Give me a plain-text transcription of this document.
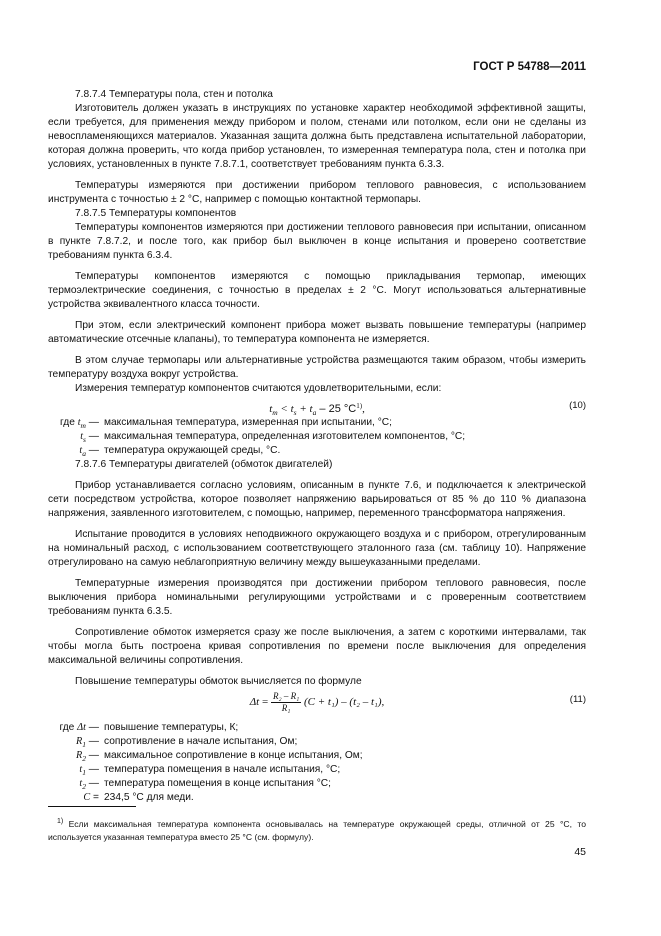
ГОСТ Р 54788—2011

7.8.7.4 Температуры пола, стен и потолка

Изготовитель должен указать в инструкциях по установке характер необходимой эффективной защиты, если требуется, для применения между прибором и полом, стенами или потолком, если они не сделаны из невоспламеняющихся материалов. Указанная защита должна быть представлена испытательной лаборатории, которая должна проверить, что когда прибор установлен, то измеренная температура пола, стен и потолка при условиях, установленных в пункте 7.8.7.1, соответствует требованиям пункта 6.3.3.

Температуры измеряются при достижении прибором теплового равновесия, с использованием инструмента с точностью ± 2 °С, например с помощью контактной термопары.

7.8.7.5 Температуры компонентов

Температуры компонентов измеряются при достижении теплового равновесия при испытании, описанном в пункте 7.8.7.2, и после того, как прибор был выключен в конце испытания и проверено соответствие требованиям пункта 6.3.4.

Температуры компонентов измеряются с помощью прикладывания термопар, имеющих термоэлектрические соединения, с точностью в пределах ± 2 °С. Могут использоваться альтернативные устройства эквивалентного класса точности.

При этом, если электрический компонент прибора может вызвать повышение температуры (например автоматические отсечные клапаны), то температура компонента не измеряется.

В этом случае термопары или альтернативные устройства размещаются таким образом, чтобы измерить температуру воздуха вокруг устройства.

Измерения температур компонентов считаются удовлетворительными, если:

$t_m < t_s + t_a - 25$ $^\circ С^{1)}$,	(10)
где $t_m$ — максимальная температура, измеренная при испытании, °С;
$t_s$ — максимальная температура, определенная изготовителем компонентов, °С;
$t_a$ — температура окружающей среды, °С.

7.8.7.6 Температуры двигателей (обмоток двигателей)

Прибор устанавливается согласно условиям, описанным в пункте 7.6, и подключается к электрической сети посредством устройства, которое позволяет напряжению варьироваться от 85 % до 110 % диапазона напряжения, заявленного изготовителем, с помощью, например, переменного трансформатора напряжения.

Испытание проводится в условиях неподвижного окружающего воздуха и с прибором, отрегулированным на номинальный расход, с использованием соответствующего эталонного газа (см. таблицу 10). Напряжение отрегулировано на самую неблагоприятную величину между вышеуказанными пределами.

Температурные измерения производятся при достижении прибором теплового равновесия, после выключения прибора номинальными регулирующими устройствами и с проверенным соответствием требованиям пункта 6.3.5.

Сопротивление обмоток измеряется сразу же после выключения, а затем с короткими интервалами, так чтобы могла быть построена кривая сопротивления по времени после выключения для определения максимальной величины сопротивления.

Повышение температуры обмоток вычисляется по формуле

$\Delta t = \frac{\text{R₂ – R₁}}{\text{R₁}} (C + t_1) - (t_2 - t_1)$,	(11)
где Δt — повышение температуры, К;
$R_1$ — сопротивление в начале испытания, Ом;
$R_2$ — максимальное сопротивление в конце испытания, Ом;
$t_1$ — температура помещения в начале испытания, °С;
$t_2$ — температура помещения в конце испытания °С;
C = 234,5 °С для меди.
$^{1)}$ Если максимальная температура компонента основывалась на температуре окружающей среды, отличной от 25 °С, то используется указанная температура вместо 25 °С (см. формулу).
45
